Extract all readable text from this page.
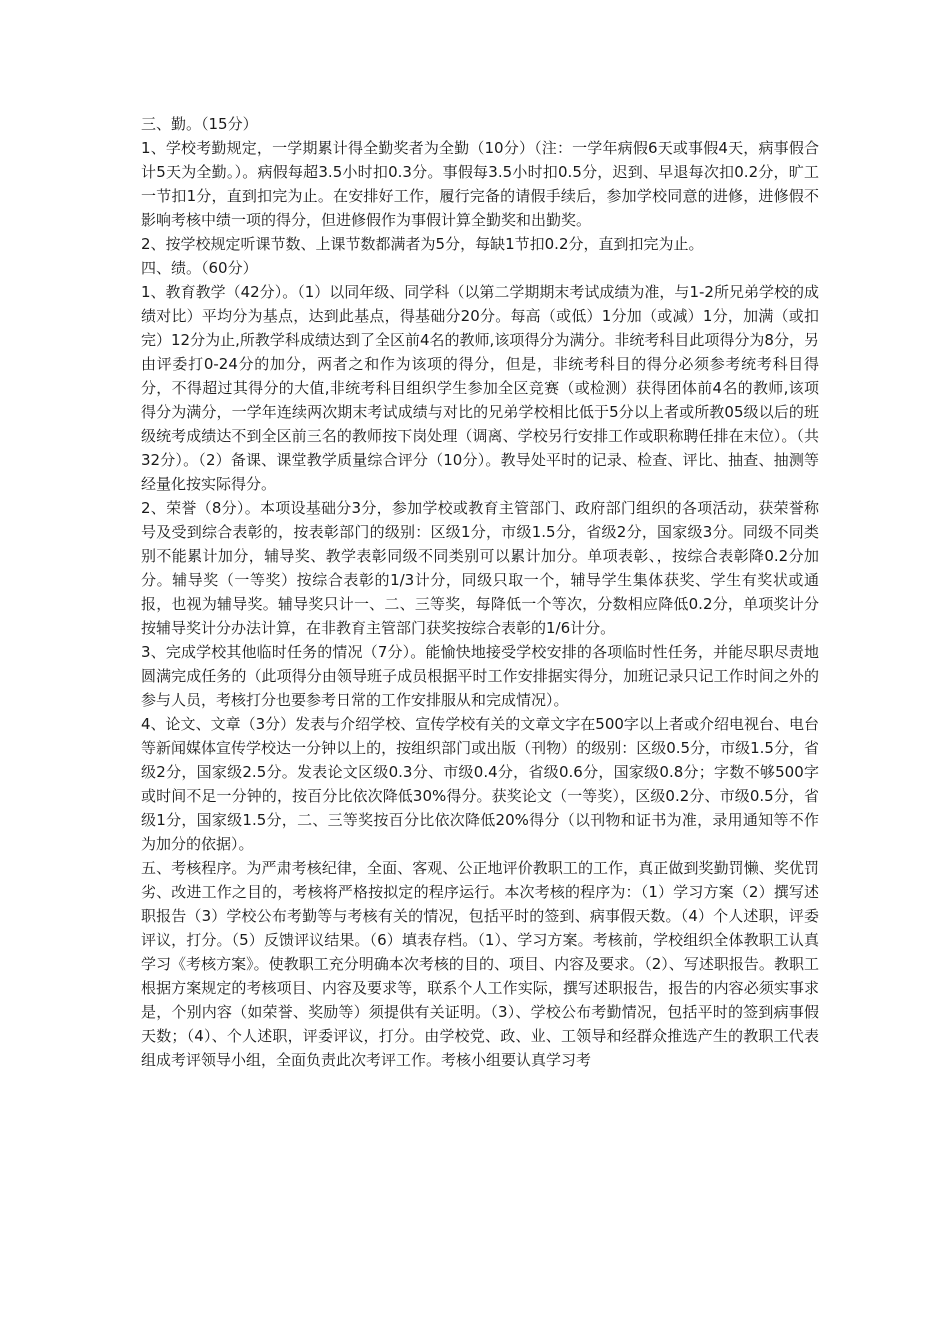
三、勤。（15分）

1、学校考勤规定，一学期累计得全勤奖者为全勤（10分）（注：一学年病假6天或事假4天，病事假合计5天为全勤。）。病假每超3.5小时扣0.3分。事假每3.5小时扣0.5分，迟到、早退每次扣0.2分，旷工一节扣1分，直到扣完为止。在安排好工作，履行完备的请假手续后，参加学校同意的进修，进修假不影响考核中绩一项的得分，但进修假作为事假计算全勤奖和出勤奖。

2、按学校规定听课节数、上课节数都满者为5分，每缺1节扣0.2分，直到扣完为止。

四、绩。（60分）

1、教育教学（42分）。（1）以同年级、同学科（以第二学期期末考试成绩为准，与1-2所兄弟学校的成绩对比）平均分为基点，达到此基点，得基础分20分。每高（或低）1分加（或减）1分，加满（或扣完）12分为止,所教学科成绩达到了全区前4名的教师,该项得分为满分。非统考科目此项得分为8分，另由评委打0-24分的加分，两者之和作为该项的得分，但是，非统考科目的得分必须参考统考科目得分，不得超过其得分的大值,非统考科目组织学生参加全区竞赛（或检测）获得团体前4名的教师,该项得分为满分，一学年连续两次期末考试成绩与对比的兄弟学校相比低于5分以上者或所教05级以后的班级统考成绩达不到全区前三名的教师按下岗处理（调离、学校另行安排工作或职称聘任排在末位）。（共32分）。（2）备课、课堂教学质量综合评分（10分）。教导处平时的记录、检查、评比、抽查、抽测等经量化按实际得分。

2、荣誉（8分）。本项设基础分3分，参加学校或教育主管部门、政府部门组织的各项活动，获荣誉称号及受到综合表彰的，按表彰部门的级别：区级1分，市级1.5分，省级2分，国家级3分。同级不同类别不能累计加分，辅导奖、教学表彰同级不同类别可以累计加分。单项表彰、，按综合表彰降0.2分加分。辅导奖（一等奖）按综合表彰的1/3计分，同级只取一个，辅导学生集体获奖、学生有奖状或通报，也视为辅导奖。辅导奖只计一、二、三等奖，每降低一个等次，分数相应降低0.2分，单项奖计分按辅导奖计分办法计算，在非教育主管部门获奖按综合表彰的1/6计分。

3、完成学校其他临时任务的情况（7分）。能愉快地接受学校安排的各项临时性任务，并能尽职尽责地圆满完成任务的（此项得分由领导班子成员根据平时工作安排据实得分，加班记录只记工作时间之外的参与人员，考核打分也要参考日常的工作安排服从和完成情况）。

4、论文、文章（3分）发表与介绍学校、宣传学校有关的文章文字在500字以上者或介绍电视台、电台等新闻媒体宣传学校达一分钟以上的，按组织部门或出版（刊物）的级别：区级0.5分，市级1.5分，省级2分，国家级2.5分。发表论文区级0.3分、市级0.4分，省级0.6分，国家级0.8分；字数不够500字或时间不足一分钟的，按百分比依次降低30%得分。获奖论文（一等奖），区级0.2分、市级0.5分，省级1分，国家级1.5分，二、三等奖按百分比依次降低20%得分（以刊物和证书为准，录用通知等不作为加分的依据）。

五、考核程序。为严肃考核纪律，全面、客观、公正地评价教职工的工作，真正做到奖勤罚懒、奖优罚劣、改进工作之目的，考核将严格按拟定的程序运行。本次考核的程序为：（1）学习方案（2）撰写述职报告（3）学校公布考勤等与考核有关的情况，包括平时的签到、病事假天数。（4）个人述职，评委评议，打分。（5）反馈评议结果。（6）填表存档。（1）、学习方案。考核前，学校组织全体教职工认真学习《考核方案》。使教职工充分明确本次考核的目的、项目、内容及要求。（2）、写述职报告。教职工根据方案规定的考核项目、内容及要求等，联系个人工作实际，撰写述职报告，报告的内容必须实事求是，个别内容（如荣誉、奖励等）须提供有关证明。（3）、学校公布考勤情况，包括平时的签到病事假天数；（4）、个人述职，评委评议，打分。由学校党、政、业、工领导和经群众推选产生的教职工代表组成考评领导小组，全面负责此次考评工作。考核小组要认真学习考
